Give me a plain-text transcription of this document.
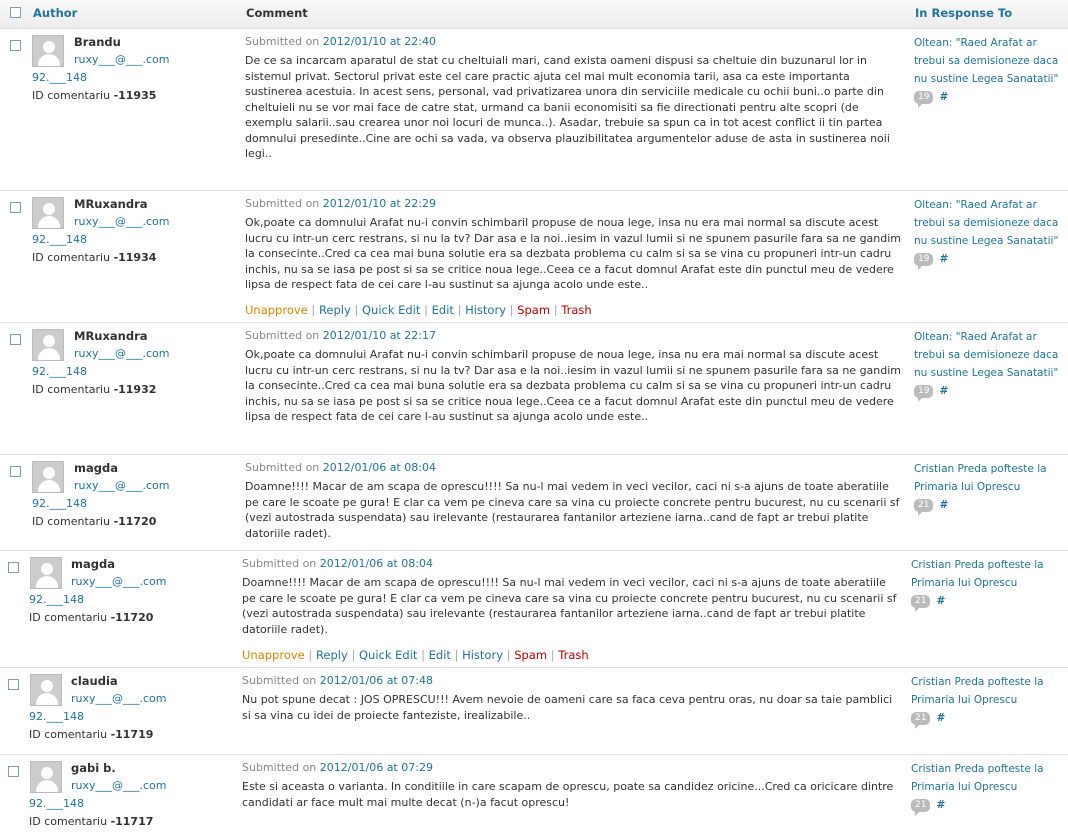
Author	Comment	In Response To
Brandu
ruxy___@___.com
92.___148
ID comentariu -11935
Submitted on 2012/01/10 at 22:40
De ce sa incarcam aparatul de stat cu cheltuiali mari, cand exista oameni dispusi sa cheltuie din buzunarul lor in sistemul privat. Sectorul privat este cel care practic ajuta cel mai mult economia tarii, asa ca este importanta sustinerea acestuia. In acest sens, personal, vad privatizarea unora din serviciile medicale cu ochii buni..o parte din cheltuieli nu se vor mai face de catre stat, urmand ca banii economisiti sa fie directionati pentru alte scopri (de exemplu salarii..sau crearea unor noi locuri de munca..). Asadar, trebuie sa spun ca in tot acest conflict ii tin partea domnului presedinte..Cine are ochi sa vada, va observa plauzibilitatea argumentelor aduse de asta in sustinerea noii legi..
Oltean: "Raed Arafat ar trebui sa demisioneze daca nu sustine Legea Sanatatii"
19 #
MRuxandra
ruxy___@___.com
92.___148
ID comentariu -11934
Submitted on 2012/01/10 at 22:29
Ok,poate ca domnului Arafat nu-i convin schimbaril propuse de noua lege, insa nu era mai normal sa discute acest lucru cu intr-un cerc restrans, si nu la tv? Dar asa e la noi..iesim in vazul lumii si ne spunem pasurile fara sa ne gandim la consecinte..Cred ca cea mai buna solutie era sa dezbata problema cu calm si sa se vina cu propuneri intr-un cadru inchis, nu sa se iasa pe post si sa se critice noua lege..Ceea ce a facut domnul Arafat este din punctul meu de vedere lipsa de respect fata de cei care l-au sustinut sa ajunga acolo unde este..
Unapprove | Reply | Quick Edit | Edit | History | Spam | Trash
Oltean: "Raed Arafat ar trebui sa demisioneze daca nu sustine Legea Sanatatii"
19 #
MRuxandra
ruxy___@___.com
92.___148
ID comentariu -11932
Submitted on 2012/01/10 at 22:17
Ok,poate ca domnului Arafat nu-i convin schimbaril propuse de noua lege, insa nu era mai normal sa discute acest lucru cu intr-un cerc restrans, si nu la tv? Dar asa e la noi..iesim in vazul lumii si ne spunem pasurile fara sa ne gandim la consecinte..Cred ca cea mai buna solutie era sa dezbata problema cu calm si sa se vina cu propuneri intr-un cadru inchis, nu sa se iasa pe post si sa se critice noua lege..Ceea ce a facut domnul Arafat este din punctul meu de vedere lipsa de respect fata de cei care l-au sustinut sa ajunga acolo unde este..
Oltean: "Raed Arafat ar trebui sa demisioneze daca nu sustine Legea Sanatatii"
19 #
magda
ruxy___@___.com
92.___148
ID comentariu -11720
Submitted on 2012/01/06 at 08:04
Doamne!!!! Macar de am scapa de oprescu!!!! Sa nu-l mai vedem in veci vecilor, caci ni s-a ajuns de toate aberatiile pe care le scoate pe gura! E clar ca vem pe cineva care sa vina cu proiecte concrete pentru bucurest, nu cu scenarii sf (vezi autostrada suspendata) sau irelevante (restaurarea fantanilor arteziene iarna..cand de fapt ar trebui platite datoriile radet).
Cristian Preda pofteste la Primaria lui Oprescu
21 #
magda
ruxy___@___.com
92.___148
ID comentariu -11720
Submitted on 2012/01/06 at 08:04
Doamne!!!! Macar de am scapa de oprescu!!!! Sa nu-l mai vedem in veci vecilor, caci ni s-a ajuns de toate aberatiile pe care le scoate pe gura! E clar ca vem pe cineva care sa vina cu proiecte concrete pentru bucurest, nu cu scenarii sf (vezi autostrada suspendata) sau irelevante (restaurarea fantanilor arteziene iarna..cand de fapt ar trebui platite datoriile radet).
Unapprove | Reply | Quick Edit | Edit | History | Spam | Trash
Cristian Preda pofteste la Primaria lui Oprescu
21 #
claudia
ruxy___@___.com
92.___148
ID comentariu -11719
Submitted on 2012/01/06 at 07:48
Nu pot spune decat : JOS OPRESCU!!! Avem nevoie de oameni care sa faca ceva pentru oras, nu doar sa taie pamblici si sa vina cu idei de proiecte fanteziste, irealizabile..
Cristian Preda pofteste la Primaria lui Oprescu
21 #
gabi b.
ruxy___@___.com
92.___148
ID comentariu -11717
Submitted on 2012/01/06 at 07:29
Este si aceasta o varianta. In conditiile in care scapam de oprescu, poate sa candidez oricine...Cred ca oricicare dintre candidati ar face mult mai multe decat (n-)a facut oprescu!
Cristian Preda pofteste la Primaria lui Oprescu
21 #
